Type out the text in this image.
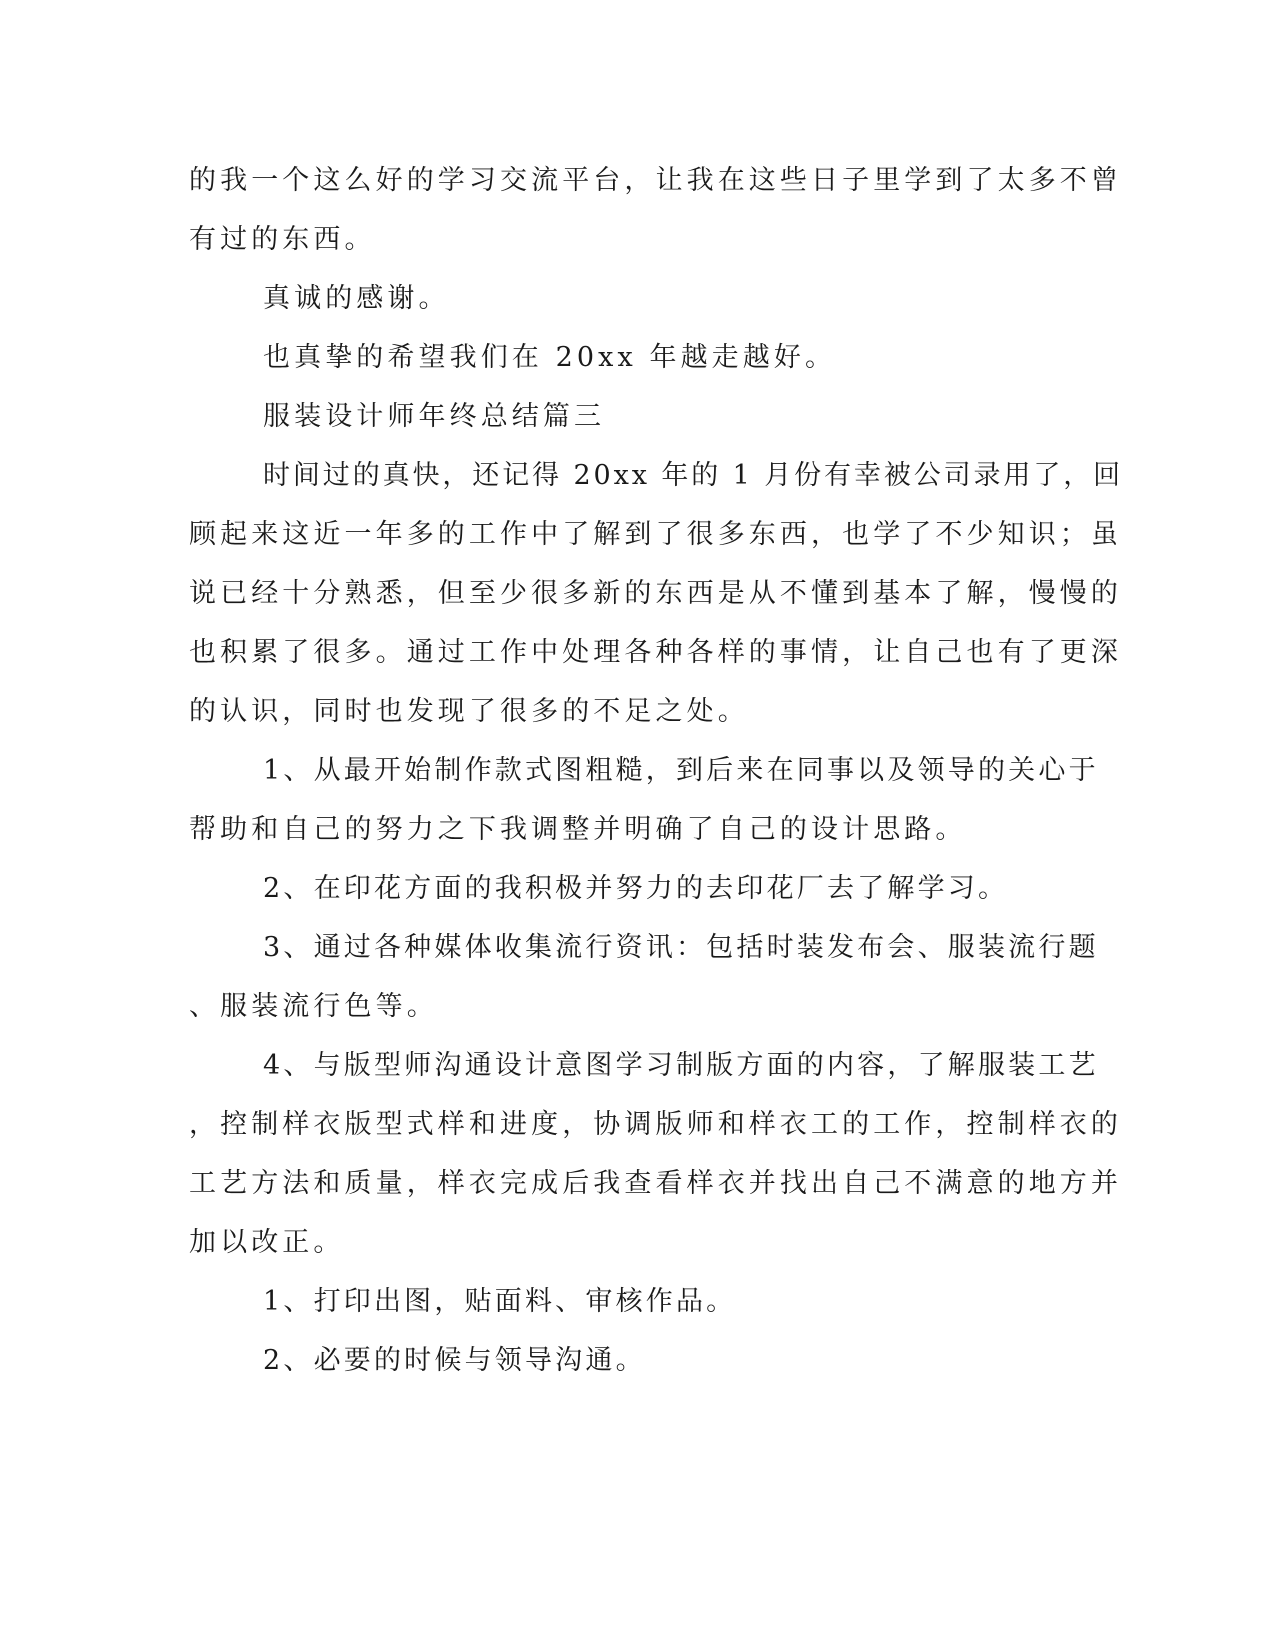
的我一个这么好的学习交流平台，让我在这些日子里学到了太多不曾
有过的东西。
真诚的感谢。
也真挚的希望我们在 20xx 年越走越好。
服装设计师年终总结篇三
时间过的真快，还记得 20xx 年的 1 月份有幸被公司录用了，回
顾起来这近一年多的工作中了解到了很多东西，也学了不少知识；虽
说已经十分熟悉，但至少很多新的东西是从不懂到基本了解，慢慢的
也积累了很多。通过工作中处理各种各样的事情，让自己也有了更深
的认识，同时也发现了很多的不足之处。
1、从最开始制作款式图粗糙，到后来在同事以及领导的关心于
帮助和自己的努力之下我调整并明确了自己的设计思路。
2、在印花方面的我积极并努力的去印花厂去了解学习。
3、通过各种媒体收集流行资讯：包括时装发布会、服装流行题
、服装流行色等。
4、与版型师沟通设计意图学习制版方面的内容，了解服装工艺
，控制样衣版型式样和进度，协调版师和样衣工的工作，控制样衣的
工艺方法和质量，样衣完成后我查看样衣并找出自己不满意的地方并
加以改正。
1、打印出图，贴面料、审核作品。
2、必要的时候与领导沟通。
